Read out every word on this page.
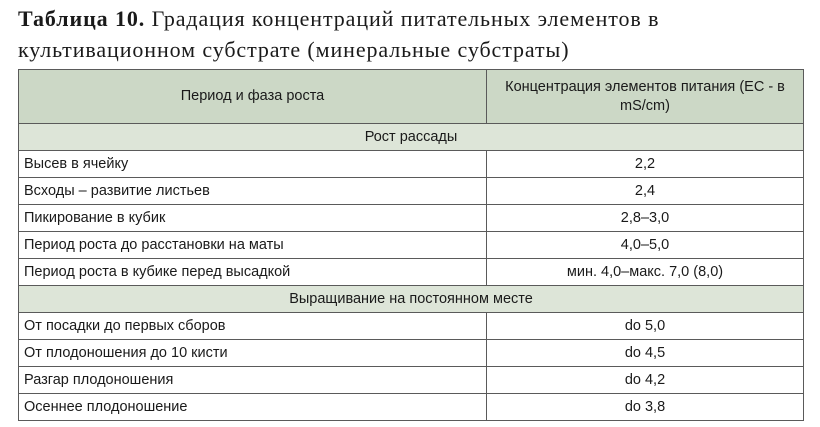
Таблица 10. Градация концентраций питательных элементов в культивационном субстрате (минеральные субстраты)
Период и фаза роста	Концентрация элементов питания (EC - в mS/cm)
Рост рассады	
Высев в ячейку	2,2
Всходы – развитие листьев	2,4
Пикирование в кубик	2,8–3,0
Период роста до расстановки на маты	4,0–5,0
Период роста в кубике перед высадкой	мин. 4,0–макс. 7,0 (8,0)
Выращивание на постоянном месте	
От посадки до первых сборов	do 5,0
От плодоношения до 10 кисти	do 4,5
Разгар плодоношения	do 4,2
Осеннее плодоношение	do 3,8
